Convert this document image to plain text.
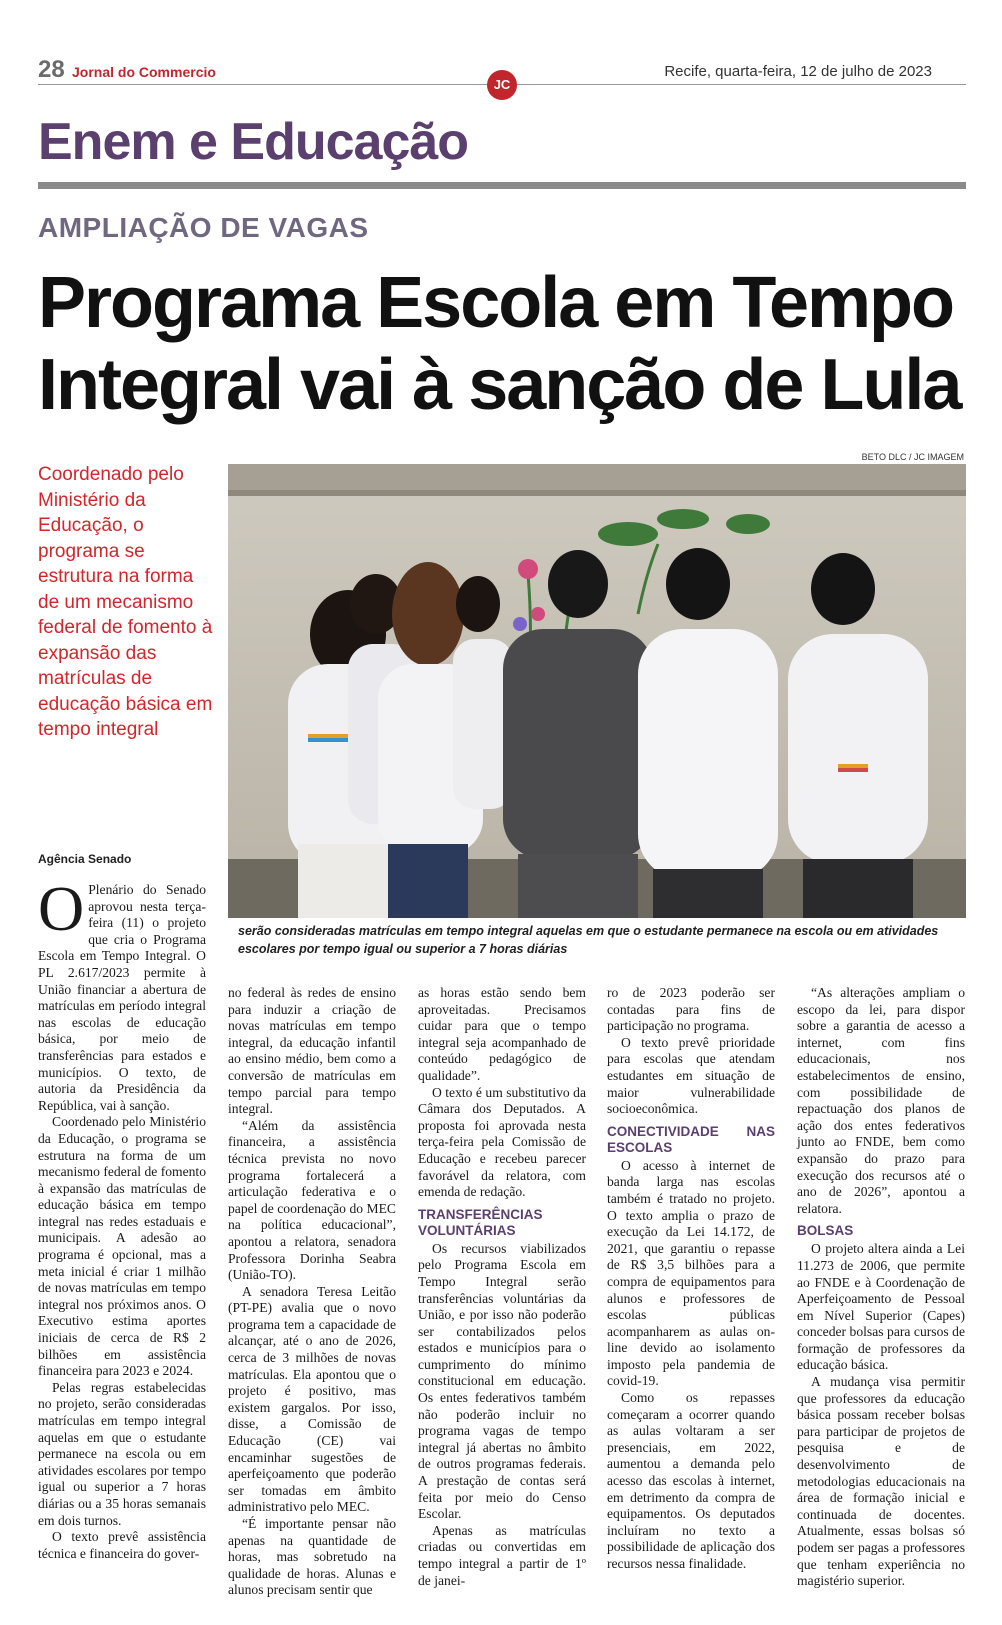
28 Jornal do Commercio
JC
Recife, quarta-feira, 12 de julho de 2023
Enem e Educação
AMPLIAÇÃO DE VAGAS
Programa Escola em Tempo Integral vai à sanção de Lula
BETO DLC / JC IMAGEM
serão consideradas matrículas em tempo integral aquelas em que o estudante permanece na escola ou em atividades escolares por tempo igual ou superior a 7 horas diárias
Coordenado pelo Ministério da Educação, o programa se estrutura na forma de um mecanismo federal de fomento à expansão das matrículas de educação básica em tempo integral
Agência Senado

O Plenário do Senado aprovou nesta terça-feira (11) o projeto que cria o Programa Escola em Tempo Integral. O PL 2.617/2023 permite à União financiar a abertura de matrículas em período integral nas escolas de educação básica, por meio de transferências para estados e municípios. O texto, de autoria da Presidência da República, vai à sanção.

Coordenado pelo Ministério da Educação, o programa se estrutura na forma de um mecanismo federal de fomento à expansão das matrículas de educação básica em tempo integral nas redes estaduais e municipais. A adesão ao programa é opcional, mas a meta inicial é criar 1 milhão de novas matrículas em tempo integral nos próximos anos. O Executivo estima aportes iniciais de cerca de R$ 2 bilhões em assistência financeira para 2023 e 2024.

Pelas regras estabelecidas no projeto, serão consideradas matrículas em tempo integral aquelas em que o estudante permanece na escola ou em atividades escolares por tempo igual ou superior a 7 horas diárias ou a 35 horas semanais em dois turnos.

O texto prevê assistência técnica e financeira do gover-

no federal às redes de ensino para induzir a criação de novas matrículas em tempo integral, da educação infantil ao ensino médio, bem como a conversão de matrículas em tempo parcial para tempo integral.

“Além da assistência financeira, a assistência técnica prevista no novo programa fortalecerá a articulação federativa e o papel de coordenação do MEC na política educacional”, apontou a relatora, senadora Professora Dorinha Seabra (União-TO).

A senadora Teresa Leitão (PT-PE) avalia que o novo programa tem a capacidade de alcançar, até o ano de 2026, cerca de 3 milhões de novas matrículas. Ela apontou que o projeto é positivo, mas existem gargalos. Por isso, disse, a Comissão de Educação (CE) vai encaminhar sugestões de aperfeiçoamento que poderão ser tomadas em âmbito administrativo pelo MEC.

“É importante pensar não apenas na quantidade de horas, mas sobretudo na qualidade de horas. Alunas e alunos precisam sentir que

as horas estão sendo bem aproveitadas. Precisamos cuidar para que o tempo integral seja acompanhado de conteúdo pedagógico de qualidade”.

O texto é um substitutivo da Câmara dos Deputados. A proposta foi aprovada nesta terça-feira pela Comissão de Educação e recebeu parecer favorável da relatora, com emenda de redação.

TRANSFERÊNCIAS VOLUNTÁRIAS

Os recursos viabilizados pelo Programa Escola em Tempo Integral serão transferências voluntárias da União, e por isso não poderão ser contabilizados pelos estados e municípios para o cumprimento do mínimo constitucional em educação. Os entes federativos também não poderão incluir no programa vagas de tempo integral já abertas no âmbito de outros programas federais. A prestação de contas será feita por meio do Censo Escolar.

Apenas as matrículas criadas ou convertidas em tempo integral a partir de 1º de janei-

ro de 2023 poderão ser contadas para fins de participação no programa.

O texto prevê prioridade para escolas que atendam estudantes em situação de maior vulnerabilidade socioeconômica.

CONECTIVIDADE NAS ESCOLAS

O acesso à internet de banda larga nas escolas também é tratado no projeto. O texto amplia o prazo de execução da Lei 14.172, de 2021, que garantiu o repasse de R$ 3,5 bilhões para a compra de equipamentos para alunos e professores de escolas públicas acompanharem as aulas on-line devido ao isolamento imposto pela pandemia de covid-19.

Como os repasses começaram a ocorrer quando as aulas voltaram a ser presenciais, em 2022, aumentou a demanda pelo acesso das escolas à internet, em detrimento da compra de equipamentos. Os deputados incluíram no texto a possibilidade de aplicação dos recursos nessa finalidade.

“As alterações ampliam o escopo da lei, para dispor sobre a garantia de acesso a internet, com fins educacionais, nos estabelecimentos de ensino, com possibilidade de repactuação dos planos de ação dos entes federativos junto ao FNDE, bem como expansão do prazo para execução dos recursos até o ano de 2026”, apontou a relatora.

BOLSAS

O projeto altera ainda a Lei 11.273 de 2006, que permite ao FNDE e à Coordenação de Aperfeiçoamento de Pessoal em Nível Superior (Capes) conceder bolsas para cursos de formação de professores da educação básica.

A mudança visa permitir que professores da educação básica possam receber bolsas para participar de projetos de pesquisa e de desenvolvimento de metodologias educacionais na área de formação inicial e continuada de docentes. Atualmente, essas bolsas só podem ser pagas a professores que tenham experiência no magistério superior.
